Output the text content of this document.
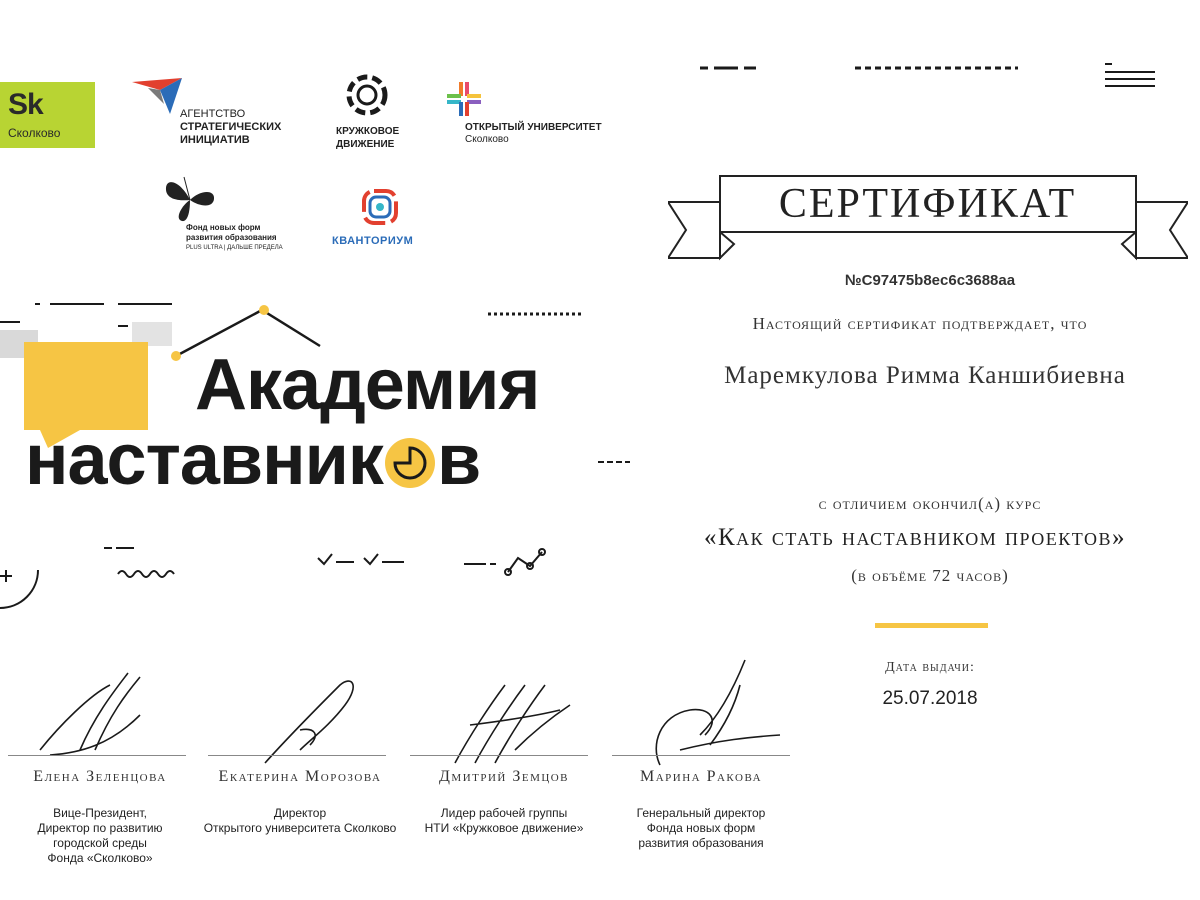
Sk
Сколково
АГЕНТСТВО
СТРАТЕГИЧЕСКИХ
ИНИЦИАТИВ
КРУЖКОВОЕ
ДВИЖЕНИЕ
ОТКРЫТЫЙ УНИВЕРСИТЕТ
Сколково
Фонд новых форм
развития образования
PLUS ULTRA | ДАЛЬШЕ ПРЕДЕЛА
КВАНТОРИУМ
Академия
наставник в
СЕРТИФИКАТ
№C97475b8ec6c3688aa
Настоящий сертификат подтверждает, что
Маремкулова Римма Каншибиевна
с отличием окончил(а) курс
«Как стать наставником проектов»
(в объёме 72 часов)
Дата выдачи:
25.07.2018
Елена Зеленцова	Екатерина Морозова	Дмитрий Земцов	Марина Ракова
Вице-Президент,
Директор по развитию
городской среды
Фонда «Сколково»
Директор
Открытого университета Сколково
Лидер рабочей группы
НТИ «Кружковое движение»
Генеральный директор
Фонда новых форм
развития образования
